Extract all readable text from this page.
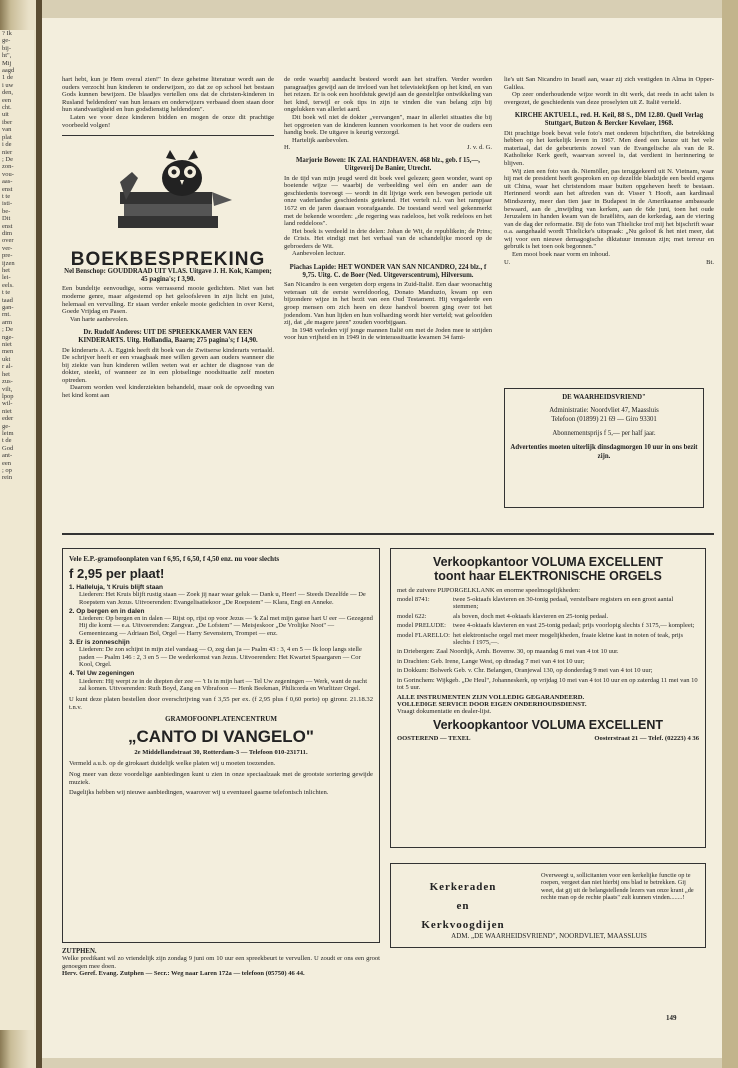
? Ik
ge-
bij-
ht",
Mij
aagd
1 de
i uw
den,
een
cht.
uit
iber
van
plat
i de
nier
; De
zon-
vou-
aas-
enst
t te
isti-
be-
Dit
enst
dim
over
ver-
pre-
ijzen
het
lei-
eels.
t te
taad
gan-
rnt.
arm
; De
nge-
niet
men
ukt
r al-
het
zus-
vilt,
lpop
wil-
niet
eder
ge-
leim
t de
God
ant-
een
; op
rein

hart hebt, kun je Hem overal zien!" In deze geheime literatuur wordt aan de ouders verzocht hun kinderen te onderwijzen, zo dat ze op school het bestaan Gods kunnen bewijzen. De blaadjes vertellen ons dat de christen-kinderen in Rusland 'heldendom' van hun leraars en onderwijzers verbaasd doen staan door hun standvastigheid en hun godsdienstig heldendom".

Laten we voor deze kinderen bidden en mogen de onze dit prachtige voorbeeld volgen!

BOEKBESPREKING
Nel Benschop: GOUDDRAAD UIT VLAS. Uitgave J. H. Kok, Kampen; 45 pagina's; f 3,90.

Een bundeltje eenvoudige, soms verrassend mooie gedichten. Niet van het moderne genre, maar afgestemd op het geloofsleven in zijn licht en juist, helemaal en vervulling. Er staan verder enkele mooie gedichten in over Kerst, Goede Vrijdag en Pasen.

Van harte aanbevolen.

Dr. Rudolf Anderes: UIT DE SPREEKKAMER VAN EEN KINDERARTS. Uitg. Hollandia, Baarn; 275 pagina's; f 14,90.

De kinderarts A. A. Eggink heeft dit boek van de Zwitserse kinderarts vertaald. De schrijver heeft er een vraagbaak mee willen geven aan ouders wanneer die bij ziekte van hun kinderen willen weten wat er achter de diagnose van de dokter, steekt, of wanneer ze in een plotselinge noodsituatie zelf moeten optreden.

Daarom worden veel kinderziekten behandeld, maar ook de opvoeding van het kind komt aan

de orde waarbij aandacht besteed wordt aan het straffen. Verder worden paragraafjes gewijd aan de invloed van het televisiekijken op het kind, en van het reizen. Er is ook een hoofdstuk gewijd aan de geestelijke ontwikkeling van het kind, terwijl er ook tips in zijn te vinden die van belang zijn bij ongelukken van allerlei aard.

Dit boek wil niet de dokter „vervangen", maar in allerlei situaties die bij het opgroeien van de kinderen kunnen voorkomen is het voor de ouders een handig boek. De uitgave is keurig verzorgd.

Hartelijk aanbevolen.

H.	J. v. d. G.
Marjorie Bowen: IK ZAL HANDHAVEN. 468 blz., geb. f 15,—, Uitgeverij De Banier, Utrecht.

In de tijd van mijn jeugd werd dit boek veel gelezen; geen wonder, want op boeiende wijze — waarbij de verbeelding wel één en ander aan de geschiedenis toevoegt — wordt in dit lijvige werk een bewogen periode uit onze vaderlandse geschiedenis getekend. Het vertelt n.l. van het rampjaar 1672 en de jaren daaraan voorafgaande. De toestand werd wel gekenmerkt met de bekende woorden: „de regering was radeloos, het volk redeloos en het land reddeloos".

Het boek is verdeeld in drie delen: Johan de Wit, de republikein; de Prins; de Crisis. Het eindigt met het verhaal van de schandelijke moord op de gebroeders de Wit.

Aanbevolen lectuur.

Piachas Lapide: HET WONDER VAN SAN NICANDRO, 224 blz., f 9,75. Uitg. C. de Boer (Ned. Uitgeverscentrum), Hilversum.

San Nicandro is een vergeten dorp ergens in Zuid-Italië. Een daar woonachtig veteraan uit de eerste wereldoorlog, Donato Manduzio, kwam op een bijzondere wijze in het bezit van een Oud Testament. Hij vergaderde een groep mensen om zich heen en deze handvol boeren ging over tot het jodendom. Van hun lijden en hun volharding wordt hier verteld; wat geloofden zij, dat „de magere jaren" zouden voorbijgaan.

In 1948 verleden vijf jonge mannen Italië om met de Joden mee te strijden voor hun vrijheid en in 1949 in de winterassituatie kwamen 34 fami-

lie's uit San Nicandro in Israël aan, waar zij zich vestigden in Alma in Opper-Galilea.

Op zeer onderhoudende wijze wordt in dit werk, dat reeds in acht talen is overgezet, de geschiedenis van deze proselyten uit Z. Italië verteld.

KIRCHE AKTUELL, red. H. Keil, 88 S., DM 12.80. Quell Verlag Stuttgart, Butzon & Bercker Kevelaer, 1968.

Dit prachtige boek bevat vele foto's met onderen bijschriften, die betrekking hebben op het kerkelijk leven in 1967. Men deed een keuze uit het vele materiaal, dat de gebeurtenis zowel van de Evangelische als van de R. Katholieke Kerk geeft, waarvan soveel is, dat verdient in herinnering te blijven.

Wij zien een foto van ds. Niemöller, pas teruggekeerd uit N. Vietnam, waar hij met de president heeft gesproken en op dezelfde bladzijde een beeld ergens uit China, waar het christendom maar buiten opgeheven heeft te bestaan. Herinnerd wordt aan het aftreden van dr. Visser 't Hooft, aan kardinaal Mindszenty, meer dan tien jaar in Budapest in de Amerikaanse ambassade bewaard, aan de „inwijding van kerken, aan de 6de juni, toen het oude Jeruzalem in handen kwam van de Israëliërs, aan de kerkedag, aan de viering van de dag der reformatie. Bij de foto van Thielicke trof mij het bijschrift waar o.a. aangehaald wordt Thielicke's uitspraak: „Nu geloof ik het niet meer, dat wij voor een nieuwe demagogische diktatuur immuun zijn; met terreur en gebruik is het toen ook begonnen."

Een mooi boek naar vorm en inhoud.

U.	Bt.
DE WAARHEIDSVRIEND"
Administratie: Noordvliet 47, Maassluis
Telefoon (01899) 21 69 — Giro 93301
Abonnementsprijs f 5,— per half jaar.
Advertenties moeten uiterlijk dinsdagmorgen 10 uur in ons bezit zijn.
Vele E.P.-gramofoonplaten van f 6,95, f 6,50, f 4,50 enz. nu voor slechts
f 2,95 per plaat!
1. Halleluja, 't Kruis blijft staan
Liederen: Het Kruis blijft rustig staan — Zoek jij naar waar geluk — Dank u, Heer! — Steeds Dezelfde — De Roepstem van Jezus. Uitvoerenden: Evangelisatiekoor „De Roepstem" — Klara, Engi en Anneke.
2. Op bergen en in dalen
Liederen: Op bergen en in dalen — Rijst op, rijst op voor Jezus — 'k Zal met mijn ganse hart U eer — Gezegend Hij die komt — e.a. Uitvoerenden: Zangvar. „De Lofstem" — Meisjeskoor „De Vrolijke Noot" — Gemeentezang — Adriaan Bol, Orgel — Harry Sevenstern, Trompet — enz.
3. Er is zonneschijn
Liederen: De zon schijnt in mijn ziel vandaag — O, zeg dan ja — Psalm 43 : 3, 4 en 5 — Ik loop langs stelle paden — Psalm 146 : 2, 3 en 5 — De wederkomst van Jezus. Uitvoerenden: Het Kwartet Spaargaren — Cor Kool, Orgel.
4. Tel Uw zegeningen
Liederen: Hij werpt ze in de diepten der zee — 't Is in mijn hart — Tel Uw zegeningen — Werk, want de nacht zal komen. Uitvoerenden: Ruth Boyd, Zang en Vibrafoon — Henk Beekman, Philicorda en Wurlitzer Orgel.

U kunt deze platen bestellen door overschrijving van f 3,55 per ex. (f 2,95 plus f 0,60 porto) op gironr. 21.18.32 t.n.v.

GRAMOFOONPLATENCENTRUM
„CANTO DI VANGELO"
2e Middellandstraat 30, Rotterdam-3 — Telefoon 010-231711.

Vermeld a.u.b. op de girokaart duidelijk welke platen wij u moeten toezenden.

Nog meer van deze voordelige aanbiedingen kunt u zien in onze speciaalzaak met de grootste sortering gewijde muziek.

Dagelijks hebben wij nieuwe aanbiedingen, waarover wij u eventueel gaarne telefonisch inlichten.

ZUTPHEN.

Welke predikant wil zo vriendelijk zijn zondag 9 juni om 10 uur een spreekbeurt te vervullen. U zoudt er ons een groot genoegen mee doen.

Herv. Geref. Evang. Zutphen — Secr.: Weg naar Laren 172a — telefoon (05750) 46 44.

Verkoopkantoor VOLUMA EXCELLENT
toont haar ELEKTRONISCHE ORGELS
met de zuivere PIJPORGELKLANK en enorme speelmogelijkheden:
model 8741:	twee 5-oktaafs klavieren en 30-tonig pedaal, verstelbare registers en een groot aantal stemmen;
model 622:	als boven, doch met 4-oktaafs klavieren en 25-tonig pedaal.
model PRELUDE:	twee 4-oktaafs klavieren en vast 25-tonig pedaal; prijs voorlopig slechts f 3175,— kompleet;
model FLARELLO: het elektronische orgel met meer mogelijkheden, fraaie kleine kast in noten of teak, prijs slechts f 1975,—.
in Driebergen: Zaal Noordijk, Arnh. Bovenw. 30, op maandag 6 mei van 4 tot 10 uur.
in Drachten: Geb. Irene, Lange West, op dinsdag 7 mei van 4 tot 10 uur;
in Dokkum: Bolwerk Geb. v. Chr. Belangen, Oranjewal 130, op donderdag 9 mei van 4 tot 10 uur;
in Gorinchem: Wijkgeb. „De Heul", Johanneskerk, op vrijdag 10 mei van 4 tot 10 uur en op zaterdag 11 mei van 10 tot 5 uur.
ALLE INSTRUMENTEN ZIJN VOLLEDIG GEGARANDEERD.
VOLLEDIGE SERVICE DOOR EIGEN ONDERHOUDSDIENST.
Vraagt dokumentatie en dealer-lijst.
Verkoopkantoor VOLUMA EXCELLENT
OOSTEREND — TEXEL	Oosterstraat 21 — Telef. (02223) 4 36
Kerkeraden
en
Kerkvoogdijen
Overweegt u, sollicitanten voor een kerkelijke functie op te roepen, vergeet dan niet hierbij ons blad te betrekken. Gij weet, dat gij uit de belangstellende lezers van onze krant „de rechte man op de rechte plaats" zult kunnen vinden........!
ADM. „DE WAARHEIDSVRIEND", NOORDVLIET, MAASSLUIS
149
